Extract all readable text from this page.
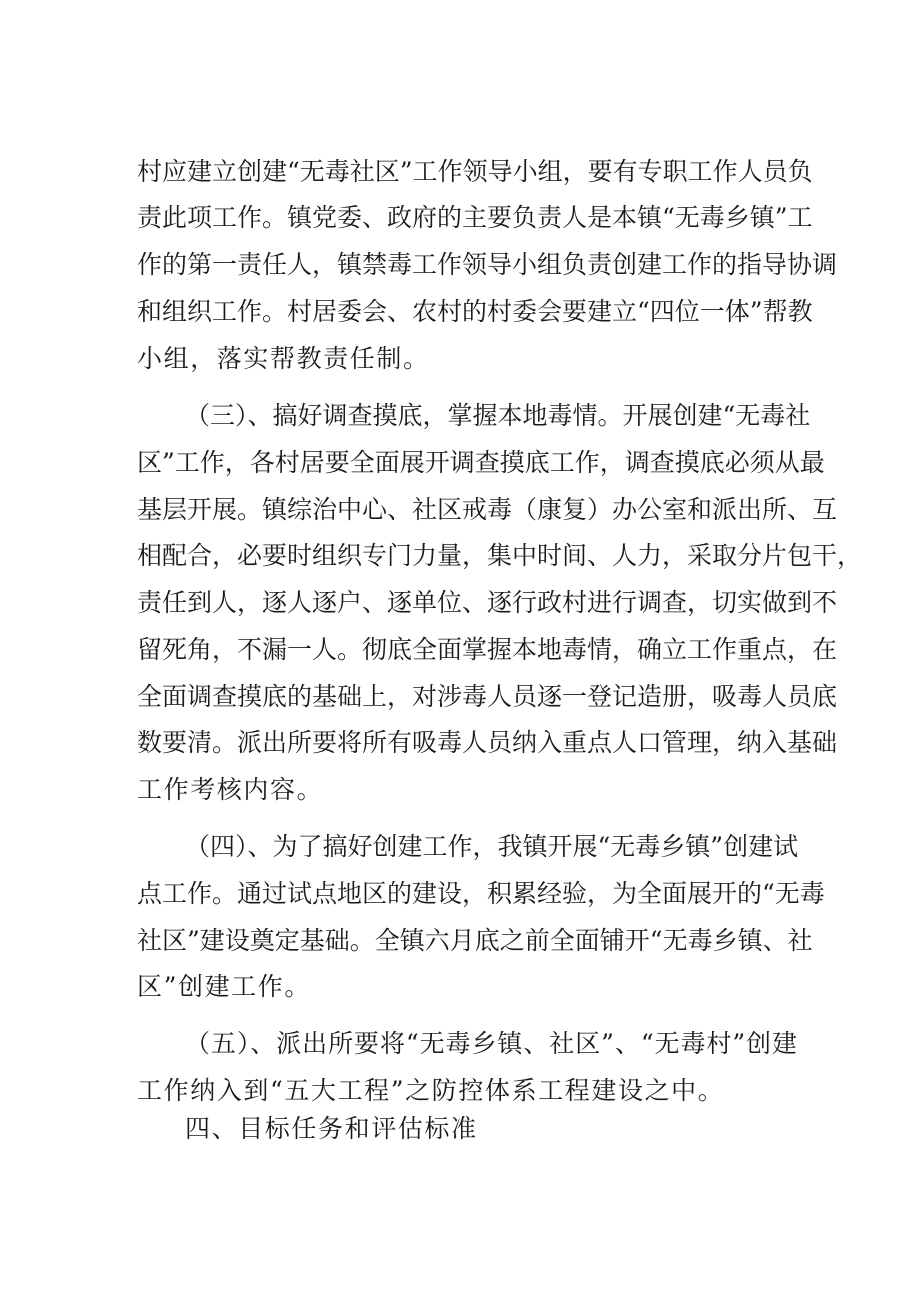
村应建立创建“无毒社区”工作领导小组，要有专职工作人员负
责此项工作。镇党委、政府的主要负责人是本镇“无毒乡镇”工
作的第一责任人，镇禁毒工作领导小组负责创建工作的指导协调
和组织工作。村居委会、农村的村委会要建立“四位一体”帮教
小组，落实帮教责任制。
（三）、搞好调查摸底，掌握本地毒情。开展创建“无毒社
区”工作，各村居要全面展开调查摸底工作，调查摸底必须从最
基层开展。镇综治中心、社区戒毒（康复）办公室和派出所、互
相配合，必要时组织专门力量，集中时间、人力，采取分片包干，
责任到人，逐人逐户、逐单位、逐行政村进行调查，切实做到不
留死角，不漏一人。彻底全面掌握本地毒情，确立工作重点，在
全面调查摸底的基础上，对涉毒人员逐一登记造册，吸毒人员底
数要清。派出所要将所有吸毒人员纳入重点人口管理，纳入基础
工作考核内容。
（四）、为了搞好创建工作，我镇开展“无毒乡镇”创建试
点工作。通过试点地区的建设，积累经验，为全面展开的“无毒
社区”建设奠定基础。全镇六月底之前全面铺开“无毒乡镇、社
区”创建工作。
（五）、派出所要将“无毒乡镇、社区”、“无毒村”创建
工作纳入到“五大工程”之防控体系工程建设之中。
四、目标任务和评估标准
